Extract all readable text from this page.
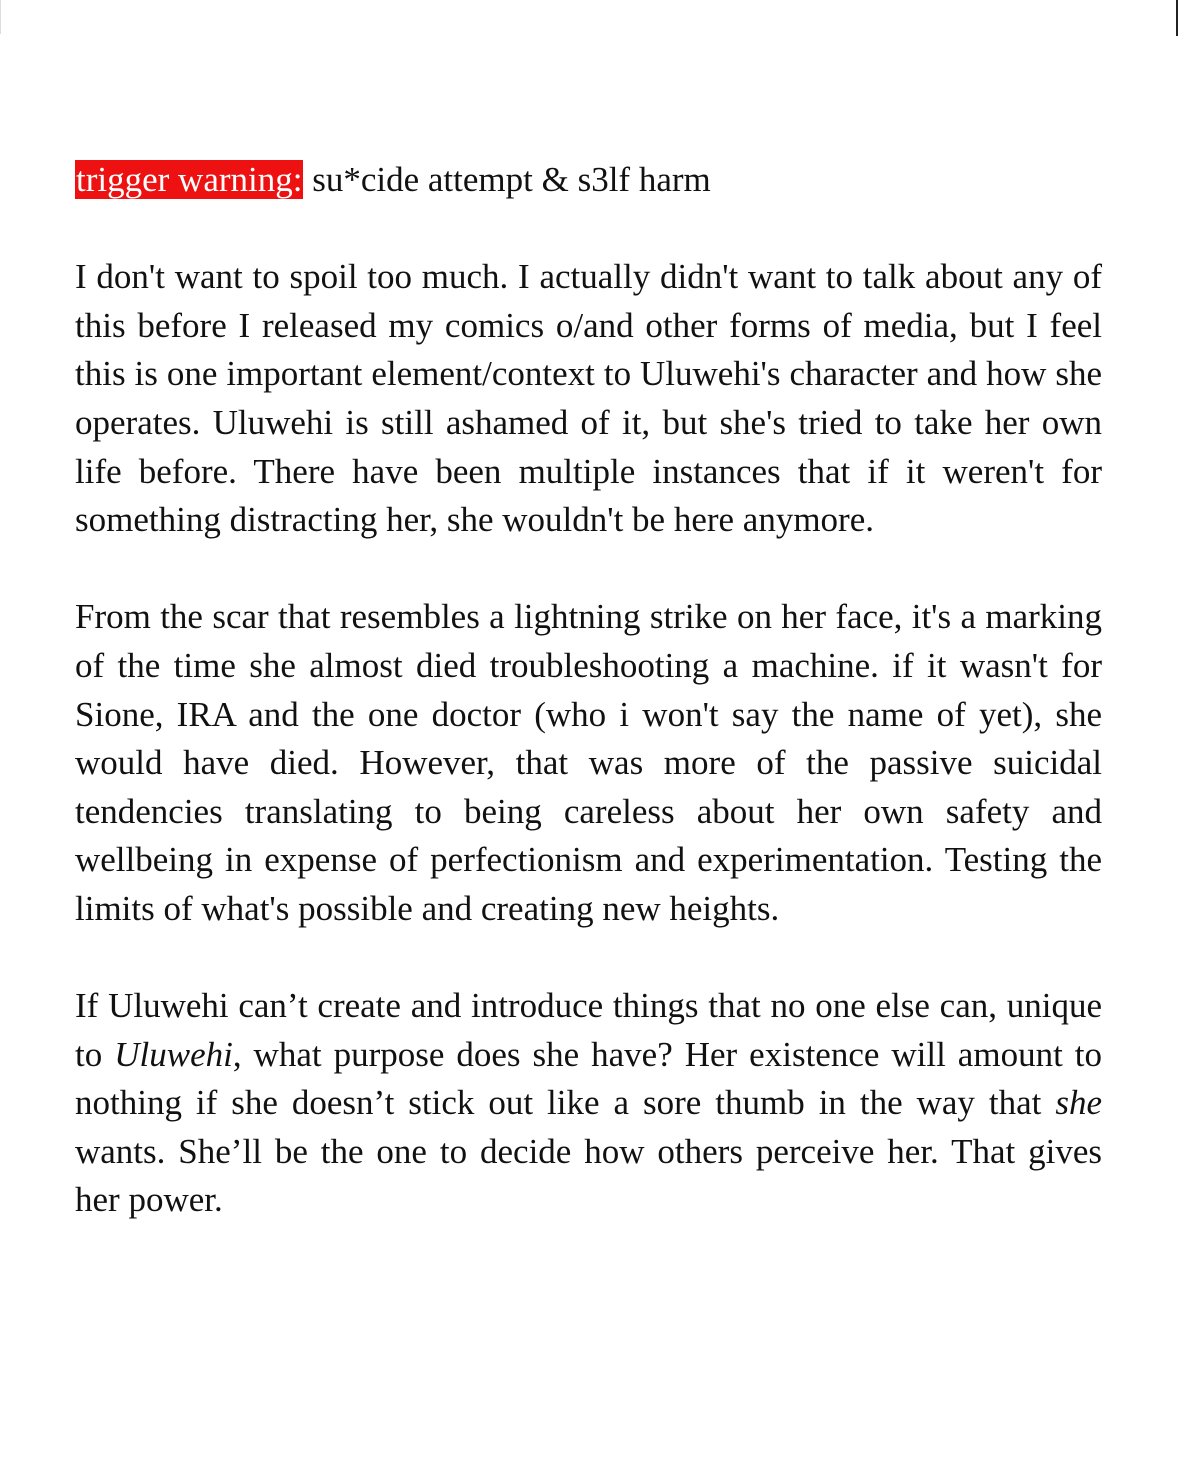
trigger warning: su*cide attempt & s3lf harm

I don't want to spoil too much. I actually didn't want to talk about any of this before I released my comics o/and other forms of media, but I feel this is one important element/context to Uluwehi's character and how she operates. Uluwehi is still ashamed of it, but she's tried to take her own life before. There have been multiple instances that if it weren't for something distracting her, she wouldn't be here anymore.

From the scar that resembles a lightning strike on her face, it's a marking of the time she almost died troubleshooting a machine. if it wasn't for Sione, IRA and the one doctor (who i won't say the name of yet), she would have died. However, that was more of the passive suicidal tendencies translating to being careless about her own safety and wellbeing in expense of perfectionism and experimentation. Testing the limits of what's possible and creating new heights.

If Uluwehi can’t create and introduce things that no one else can, unique to Uluwehi, what purpose does she have? Her existence will amount to nothing if she doesn’t stick out like a sore thumb in the way that she wants. She’ll be the one to decide how others perceive her. That gives her power.
